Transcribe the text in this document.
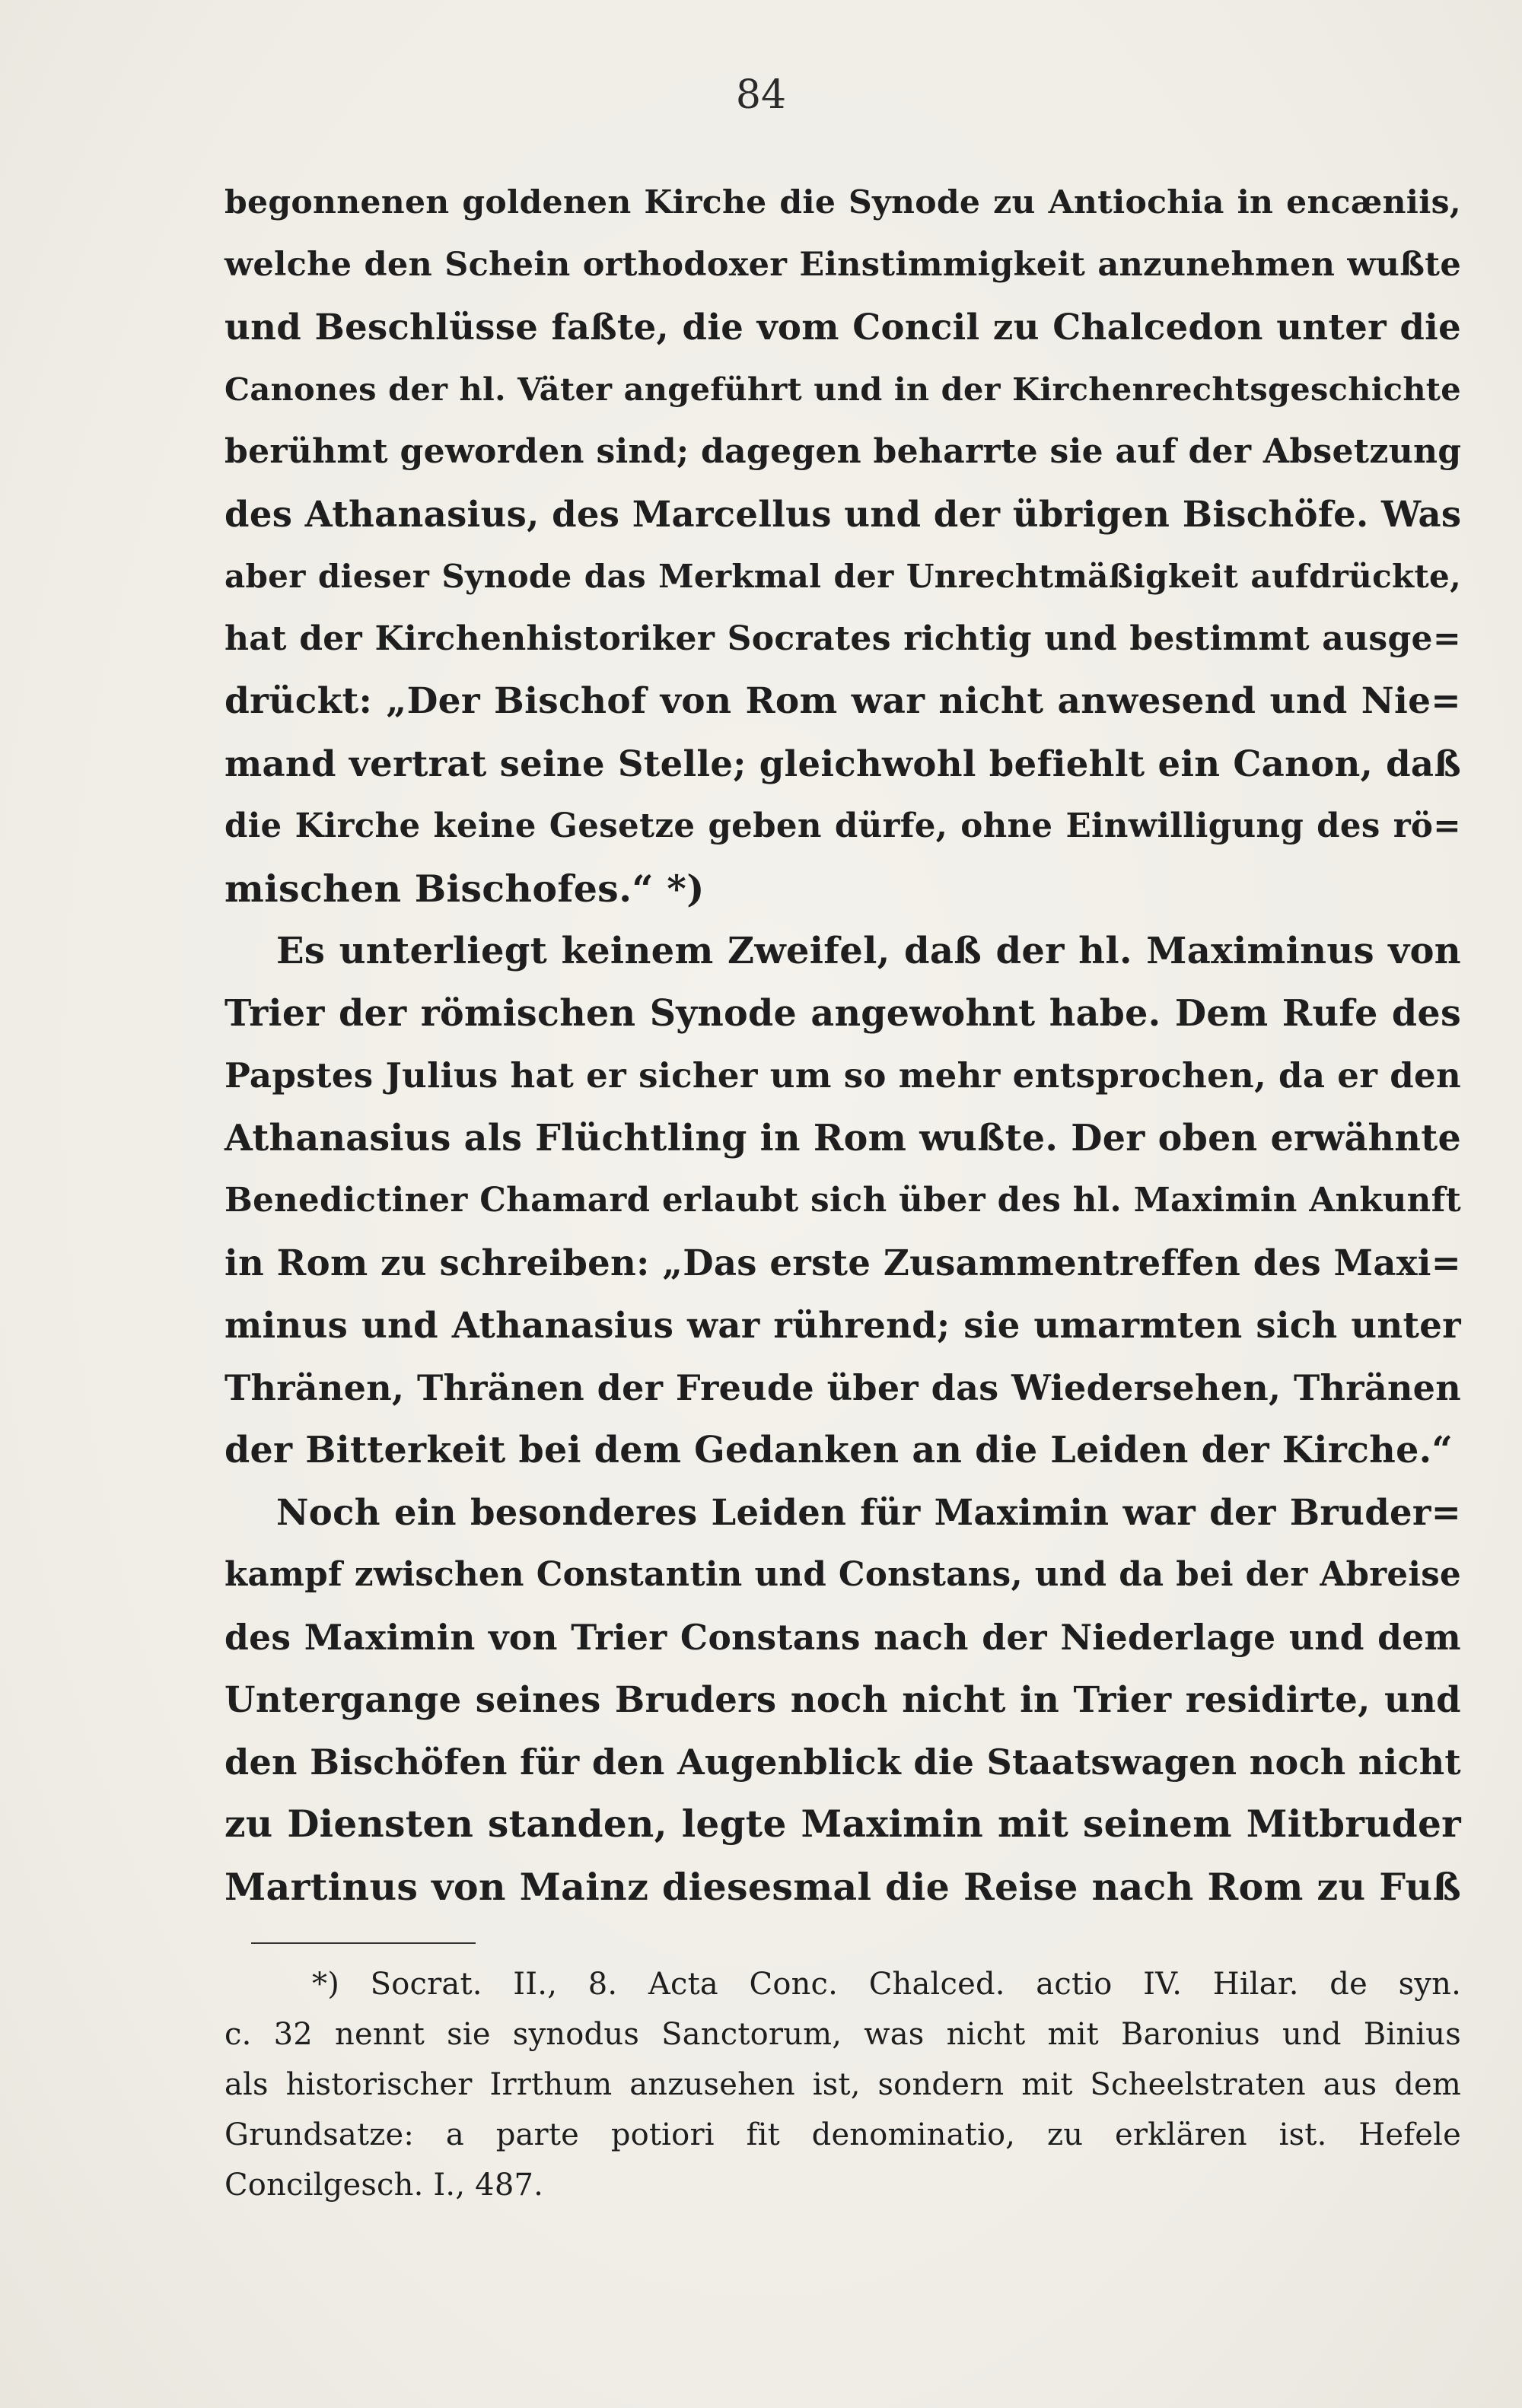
84
begonnenen goldenen Kirche die Synode zu Antiochia in encæniis,
welche den Schein orthodoxer Einstimmigkeit anzunehmen wußte
und Beschlüsse faßte, die vom Concil zu Chalcedon unter die
Canones der hl. Väter angeführt und in der Kirchenrechtsgeschichte
berühmt geworden sind; dagegen beharrte sie auf der Absetzung
des Athanasius, des Marcellus und der übrigen Bischöfe. Was
aber dieser Synode das Merkmal der Unrechtmäßigkeit aufdrückte,
hat der Kirchenhistoriker Socrates richtig und bestimmt ausge=
drückt: „Der Bischof von Rom war nicht anwesend und Nie=
mand vertrat seine Stelle; gleichwohl befiehlt ein Canon, daß
die Kirche keine Gesetze geben dürfe, ohne Einwilligung des rö=
mischen Bischofes.“ *)
Es unterliegt keinem Zweifel, daß der hl. Maximinus von
Trier der römischen Synode angewohnt habe. Dem Rufe des
Papstes Julius hat er sicher um so mehr entsprochen, da er den
Athanasius als Flüchtling in Rom wußte. Der oben erwähnte
Benedictiner Chamard erlaubt sich über des hl. Maximin Ankunft
in Rom zu schreiben: „Das erste Zusammentreffen des Maxi=
minus und Athanasius war rührend; sie umarmten sich unter
Thränen, Thränen der Freude über das Wiedersehen, Thränen
der Bitterkeit bei dem Gedanken an die Leiden der Kirche.“
Noch ein besonderes Leiden für Maximin war der Bruder=
kampf zwischen Constantin und Constans, und da bei der Abreise
des Maximin von Trier Constans nach der Niederlage und dem
Untergange seines Bruders noch nicht in Trier residirte, und
den Bischöfen für den Augenblick die Staatswagen noch nicht
zu Diensten standen, legte Maximin mit seinem Mitbruder
Martinus von Mainz diesesmal die Reise nach Rom zu Fuß
*) Socrat. II., 8. Acta Conc. Chalced. actio IV. Hilar. de syn.
c. 32 nennt sie synodus Sanctorum, was nicht mit Baronius und Binius
als historischer Irrthum anzusehen ist, sondern mit Scheelstraten aus dem
Grundsatze: a parte potiori fit denominatio, zu erklären ist. Hefele
Concilgesch. I., 487.
